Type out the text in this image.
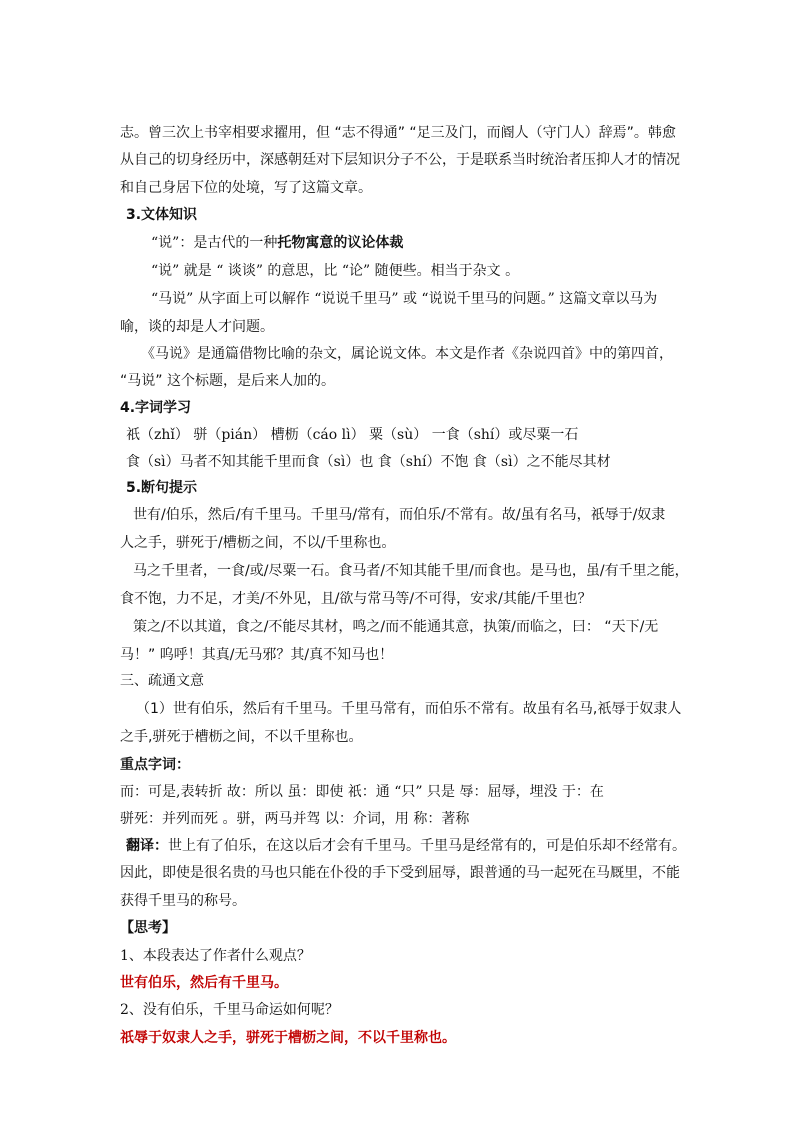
志。曾三次上书宰相要求擢用，但 “志不得通” “足三及门，而阍人（守门人）辞焉”。韩愈
从自己的切身经历中，深感朝廷对下层知识分子不公，于是联系当时统治者压抑人才的情况
和自己身居下位的处境，写了这篇文章。
3.文体知识
“说”：是古代的一种托物寓意的议论体裁
“说” 就是 “ 谈谈” 的意思，比 “论” 随便些。相当于杂文 。
“马说” 从字面上可以解作 “说说千里马” 或 “说说千里马的问题。” 这篇文章以马为
喻，谈的却是人才问题。
《马说》是通篇借物比喻的杂文，属论说文体。本文是作者《杂说四首》中的第四首，
“马说” 这个标题，是后来人加的。
4.字词学习
祇（zhǐ） 骈（pián） 槽枥（cáo lì） 粟（sù） 一食（shí）或尽粟一石
食（sì）马者不知其能千里而食（sì）也 食（shí）不饱 食（sì）之不能尽其材
5.断句提示
世有/伯乐，然后/有千里马。千里马/常有，而伯乐/不常有。故/虽有名马，祇辱于/奴隶
人之手，骈死于/槽枥之间，不以/千里称也。
马之千里者，一食/或/尽粟一石。食马者/不知其能千里/而食也。是马也，虽/有千里之能，
食不饱，力不足，才美/不外见，且/欲与常马等/不可得，安求/其能/千里也？
策之/不以其道，食之/不能尽其材，鸣之/而不能通其意，执策/而临之，曰： “天下/无
马！” 呜呼！其真/无马邪？其/真不知马也！
三、疏通文意
（1）世有伯乐，然后有千里马。千里马常有，而伯乐不常有。故虽有名马,祇辱于奴隶人
之手,骈死于槽枥之间，不以千里称也。
重点字词：
而：可是,表转折 故：所以 虽：即使 祇：通 “只” 只是 辱：屈辱，埋没 于：在
骈死：并列而死 。骈，两马并驾 以：介词，用 称：著称
翻译：世上有了伯乐，在这以后才会有千里马。千里马是经常有的，可是伯乐却不经常有。
因此，即使是很名贵的马也只能在仆役的手下受到屈辱，跟普通的马一起死在马厩里，不能
获得千里马的称号。
【思考】
1、本段表达了作者什么观点？
世有伯乐，然后有千里马。
2、没有伯乐，千里马命运如何呢？
祇辱于奴隶人之手，骈死于槽枥之间，不以千里称也。
